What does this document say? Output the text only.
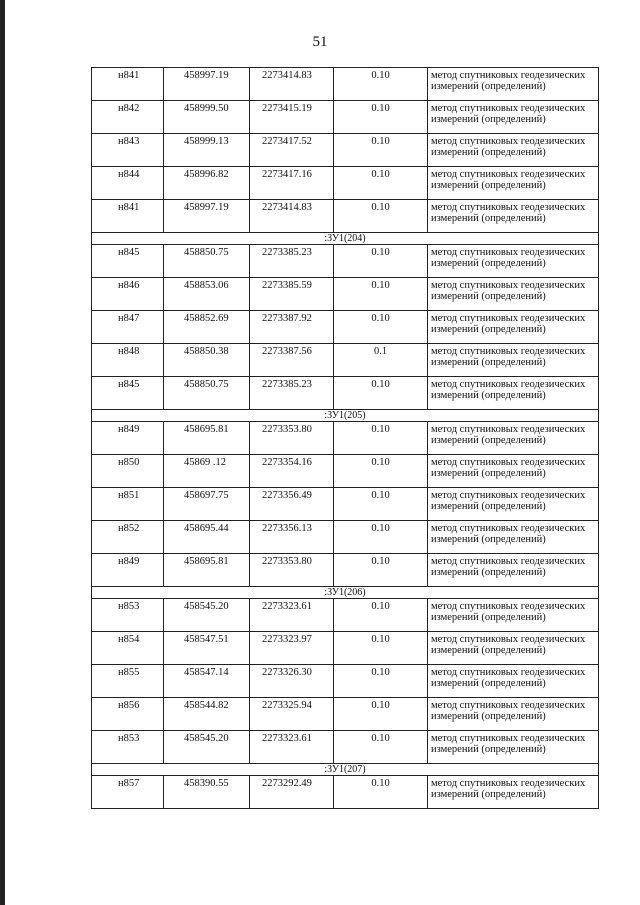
51
н841	458997.19	2273414.83	0.10	метод спутниковых геодезических измерений (определений)
н842	458999.50	2273415.19	0.10	метод спутниковых геодезических измерений (определений)
н843	458999.13	2273417.52	0.10	метод спутниковых геодезических измерений (определений)
н844	458996.82	2273417.16	0.10	метод спутниковых геодезических измерений (определений)
н841	458997.19	2273414.83	0.10	метод спутниковых геодезических измерений (определений)
:ЗУ1(204)				
н845	458850.75	2273385.23	0.10	метод спутниковых геодезических измерений (определений)
н846	458853.06	2273385.59	0.10	метод спутниковых геодезических измерений (определений)
н847	458852.69	2273387.92	0.10	метод спутниковых геодезических измерений (определений)
н848	458850.38	2273387.56	0.1	метод спутниковых геодезических измерений (определений)
н845	458850.75	2273385.23	0.10	метод спутниковых геодезических измерений (определений)
:ЗУ1(205)				
н849	458695.81	2273353.80	0.10	метод спутниковых геодезических измерений (определений)
н850	45869 .12	2273354.16	0.10	метод спутниковых геодезических измерений (определений)
н851	458697.75	2273356.49	0.10	метод спутниковых геодезических измерений (определений)
н852	458695.44	2273356.13	0.10	метод спутниковых геодезических измерений (определений)
н849	458695.81	2273353.80	0.10	метод спутниковых геодезических измерений (определений)
:ЗУ1(206)				
н853	458545.20	2273323.61	0.10	метод спутниковых геодезических измерений (определений)
н854	458547.51	2273323.97	0.10	метод спутниковых геодезических измерений (определений)
н855	458547.14	2273326.30	0.10	метод спутниковых геодезических измерений (определений)
н856	458544.82	2273325.94	0.10	метод спутниковых геодезических измерений (определений)
н853	458545.20	2273323.61	0.10	метод спутниковых геодезических измерений (определений)
:ЗУ1(207)				
н857	458390.55	2273292.49	0.10	метод спутниковых геодезических измерений (определений)
